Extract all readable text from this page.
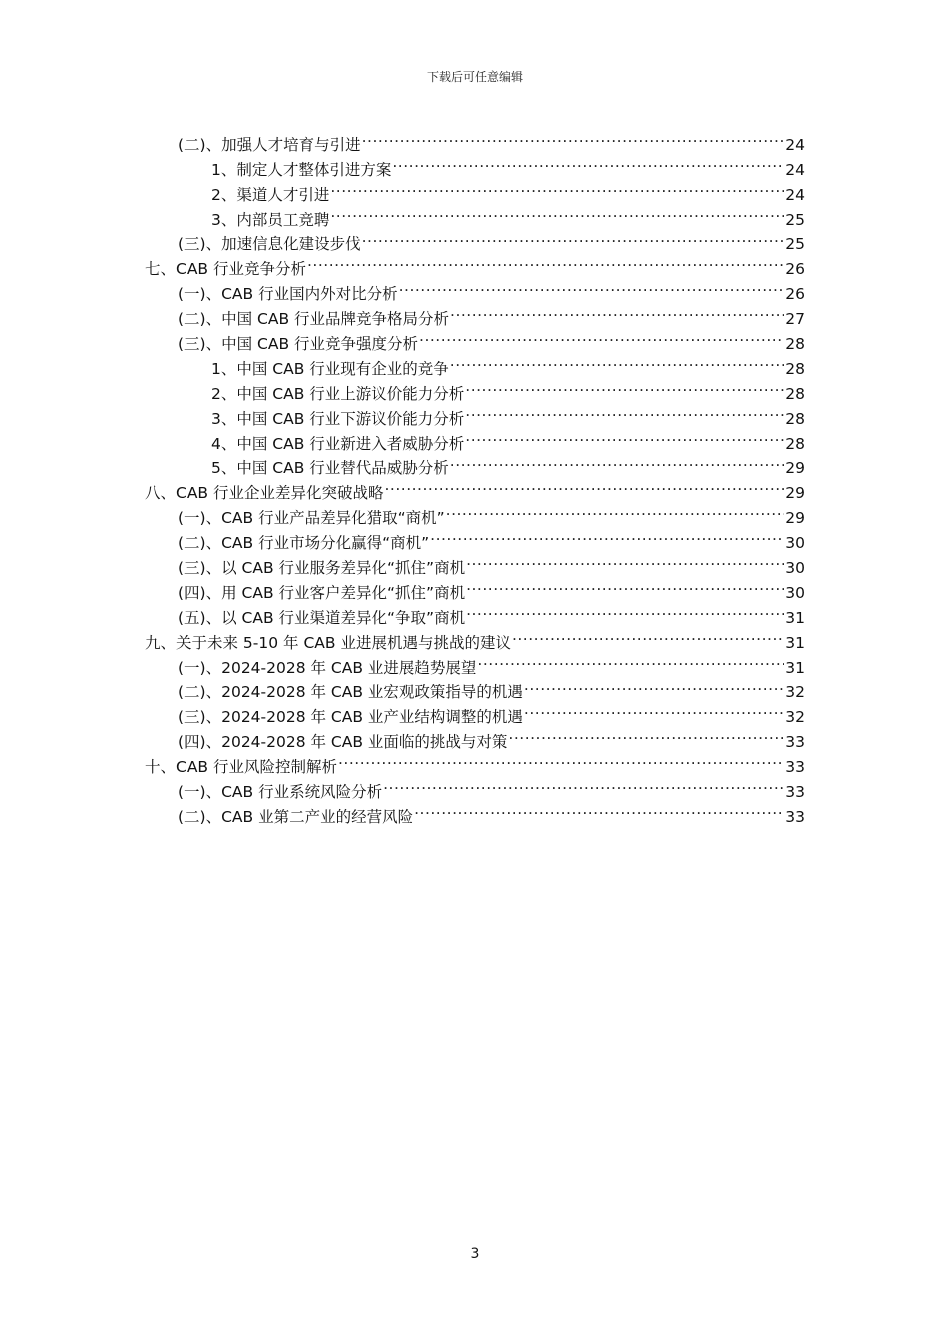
下载后可任意编辑
(二)、加强人才培育与引进 .....	24
1、制定人才整体引进方案 .....	24
2、渠道人才引进 .....	24
3、内部员工竞聘 .....	25
(三)、加速信息化建设步伐 .....	25
七、CAB 行业竞争分析 .....	26
(一)、CAB 行业国内外对比分析 .....	26
(二)、中国 CAB 行业品牌竞争格局分析 .....	27
(三)、中国 CAB 行业竞争强度分析 .....	28
1、中国 CAB 行业现有企业的竞争 .....	28
2、中国 CAB 行业上游议价能力分析 .....	28
3、中国 CAB 行业下游议价能力分析 .....	28
4、中国 CAB 行业新进入者威胁分析 .....	28
5、中国 CAB 行业替代品威胁分析 .....	29
八、CAB 行业企业差异化突破战略 .....	29
(一)、CAB 行业产品差异化猎取“商机” .....	29
(二)、CAB 行业市场分化赢得“商机” .....	30
(三)、以 CAB 行业服务差异化“抓住”商机 .....	30
(四)、用 CAB 行业客户差异化“抓住”商机 .....	30
(五)、以 CAB 行业渠道差异化“争取”商机 .....	31
九、关于未来 5-10 年 CAB 业进展机遇与挑战的建议 .....	31
(一)、2024-2028 年 CAB 业进展趋势展望 .....	31
(二)、2024-2028 年 CAB 业宏观政策指导的机遇 .....	32
(三)、2024-2028 年 CAB 业产业结构调整的机遇 .....	32
(四)、2024-2028 年 CAB 业面临的挑战与对策 .....	33
十、CAB 行业风险控制解析 .....	33
(一)、CAB 行业系统风险分析 .....	33
(二)、CAB 业第二产业的经营风险 .....	33
3
